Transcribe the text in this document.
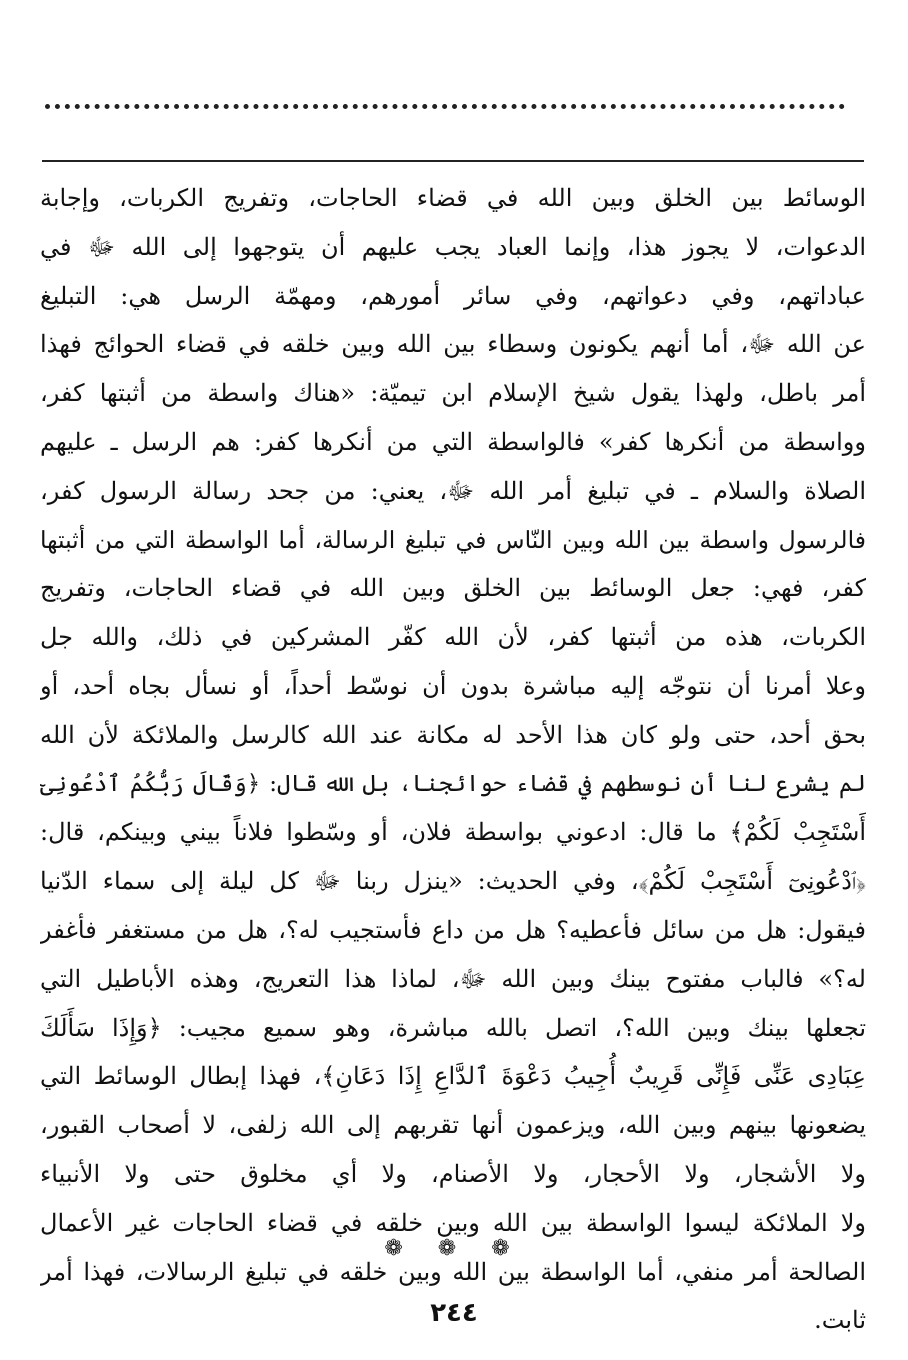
الوسائط بين الخلق وبين الله في قضاء الحاجات، وتفريج الكربات، وإجابة
الدعوات، لا يجوز هذا، وإنما العباد يجب عليهم أن يتوجهوا إلى الله ﷻ في
عباداتهم، وفي دعواتهم، وفي سائر أمورهم، ومهمّة الرسل هي: التبليغ
عن الله ﷻ، أما أنهم يكونون وسطاء بين الله وبين خلقه في قضاء الحوائج فهذا
أمر باطل، ولهذا يقول شيخ الإسلام ابن تيميّة: «هناك واسطة من أثبتها كفر،
وواسطة من أنكرها كفر» فالواسطة التي من أنكرها كفر: هم الرسل ـ عليهم
الصلاة والسلام ـ في تبليغ أمر الله ﷻ، يعني: من جحد رسالة الرسول كفر،
فالرسول واسطة بين الله وبين النّاس في تبليغ الرسالة، أما الواسطة التي من أثبتها
كفر، فهي: جعل الوسائط بين الخلق وبين الله في قضاء الحاجات، وتفريج
الكربات، هذه من أثبتها كفر، لأن الله كفّر المشركين في ذلك، والله جل
وعلا أمرنا أن نتوجّه إليه مباشرة بدون أن نوسّط أحداً، أو نسأل بجاه أحد، أو
بحق أحد، حتى ولو كان هذا الأحد له مكانة عند الله كالرسل والملائكة لأن الله
لم يشرع لنا أن نوسطهم في قضاء حوائجنا، بل الله قال: ﴿وَقَالَ رَبُّكُمُ ٱدْعُونِىٓ
أَسْتَجِبْ لَكُمْ﴾ ما قال: ادعوني بواسطة فلان، أو وسّطوا فلاناً بيني وبينكم، قال:
﴿ٱدْعُونِىٓ أَسْتَجِبْ لَكُمْ﴾، وفي الحديث: «ينزل ربنا ﷻ كل ليلة إلى سماء الدّنيا
فيقول: هل من سائل فأعطيه؟ هل من داع فأستجيب له؟، هل من مستغفر فأغفر
له؟» فالباب مفتوح بينك وبين الله ﷻ، لماذا هذا التعريج، وهذه الأباطيل التي
تجعلها بينك وبين الله؟، اتصل بالله مباشرة، وهو سميع مجيب: ﴿وَإِذَا سَأَلَكَ
عِبَادِى عَنِّى فَإِنِّى قَرِيبٌ أُجِيبُ دَعْوَةَ ٱلدَّاعِ إِذَا دَعَانِ﴾، فهذا إبطال الوسائط التي
يضعونها بينهم وبين الله، ويزعمون أنها تقربهم إلى الله زلفى، لا أصحاب القبور،
ولا الأشجار، ولا الأحجار، ولا الأصنام، ولا أي مخلوق حتى ولا الأنبياء
ولا الملائكة ليسوا الواسطة بين الله وبين خلقه في قضاء الحاجات غير الأعمال
الصالحة أمر منفي، أما الواسطة بين الله وبين خلقه في تبليغ الرسالات، فهذا أمر
ثابت.
❁ ❁ ❁
٢٤٤
